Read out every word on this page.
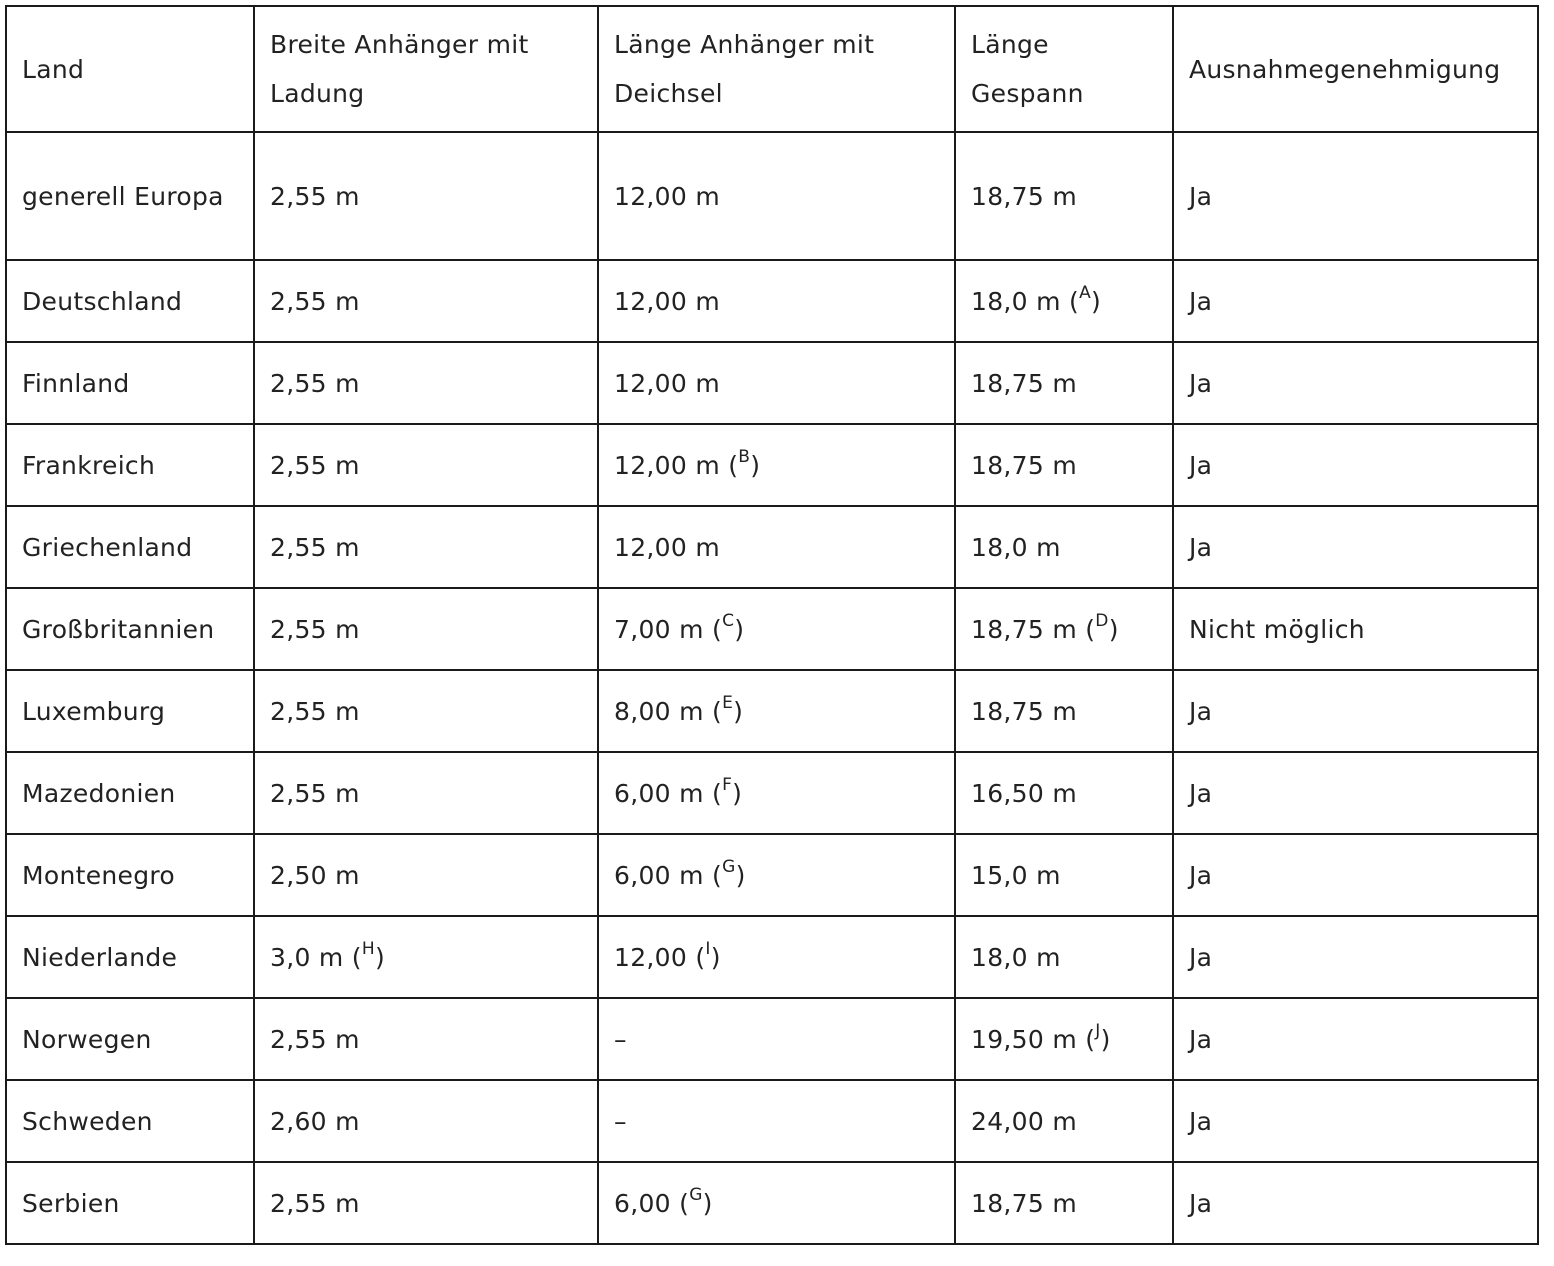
Land	Breite Anhänger mit Ladung	Länge Anhänger mit Deichsel	Länge Gespann	Ausnahmegenehmigung
generell Europa	2,55 m	12,00 m	18,75 m	Ja
Deutschland	2,55 m	12,00 m	18,0 m ($^A$)	Ja
Finnland	2,55 m	12,00 m	18,75 m	Ja
Frankreich	2,55 m	12,00 m ($^B$)	18,75 m	Ja
Griechenland	2,55 m	12,00 m	18,0 m	Ja
Großbritannien	2,55 m	7,00 m ($^C$)	18,75 m ($^D$)	Nicht möglich
Luxemburg	2,55 m	8,00 m ($^E$)	18,75 m	Ja
Mazedonien	2,55 m	6,00 m ($^F$)	16,50 m	Ja
Montenegro	2,50 m	6,00 m ($^G$)	15,0 m	Ja
Niederlande	3,0 m ($^H$)	12,00 ($^I$)	18,0 m	Ja
Norwegen	2,55 m	–	19,50 m ($^J$)	Ja
Schweden	2,60 m	–	24,00 m	Ja
Serbien	2,55 m	6,00 ($^G$)	18,75 m	Ja
